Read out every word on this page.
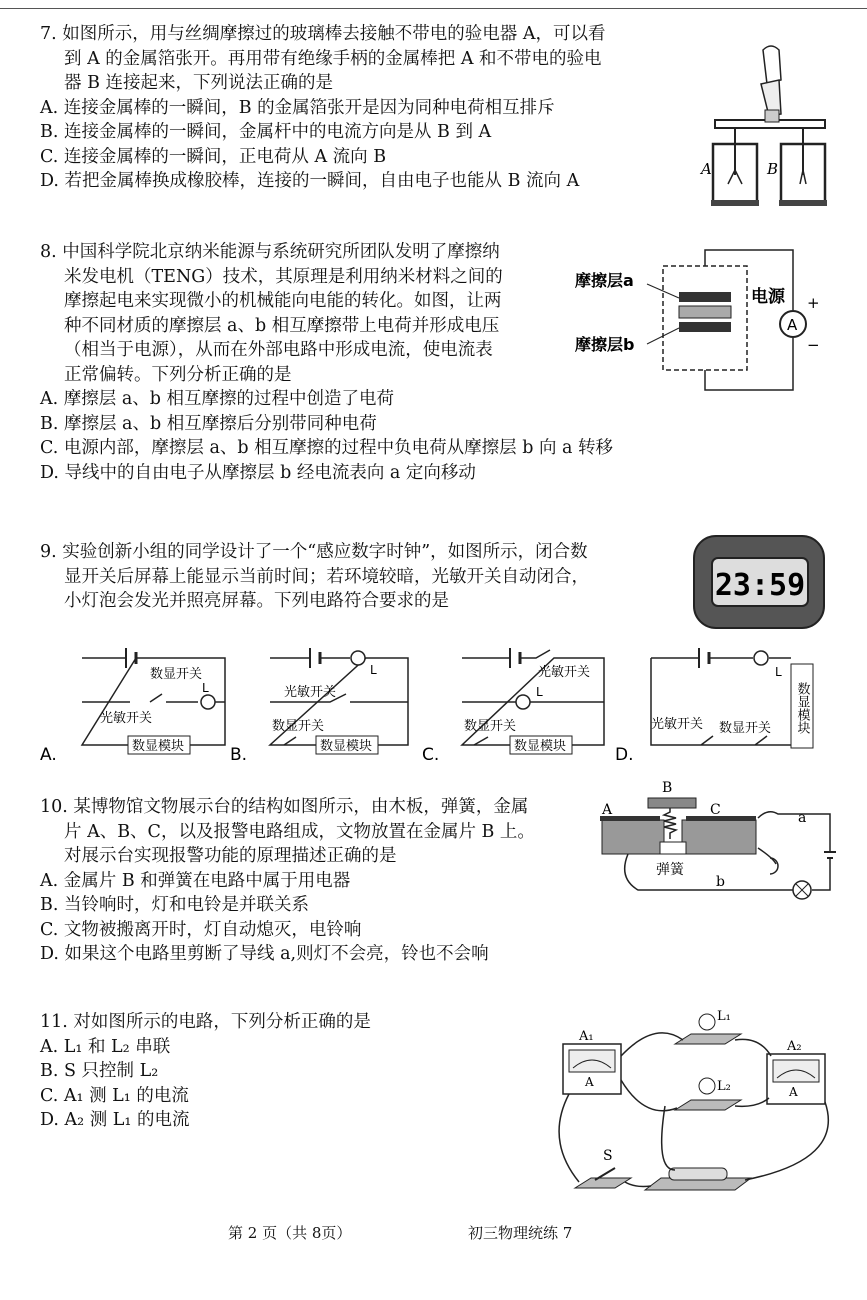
7. 如图所示，用与丝绸摩擦过的玻璃棒去接触不带电的验电器 A，可以看

到 A 的金属箔张开。再用带有绝缘手柄的金属棒把 A 和不带电的验电

器 B 连接起来，下列说法正确的是

A. 连接金属棒的一瞬间，B 的金属箔张开是因为同种电荷相互排斥

B. 连接金属棒的一瞬间，金属杆中的电流方向是从 B 到 A

C. 连接金属棒的一瞬间，正电荷从 A 流向 B

D. 若把金属棒换成橡胶棒，连接的一瞬间，自由电子也能从 B 流向 A

A	B

8. 中国科学院北京纳米能源与系统研究所团队发明了摩擦纳

米发电机（TENG）技术，其原理是利用纳米材料之间的

摩擦起电来实现微小的机械能向电能的转化。如图，让两

种不同材质的摩擦层 a、b 相互摩擦带上电荷并形成电压

（相当于电源），从而在外部电路中形成电流，使电流表

正常偏转。下列分析正确的是

A. 摩擦层 a、b 相互摩擦的过程中创造了电荷

B. 摩擦层 a、b 相互摩擦后分别带同种电荷

C. 电源内部，摩擦层 a、b 相互摩擦的过程中负电荷从摩擦层 b 向 a 转移

D. 导线中的自由电子从摩擦层 b 经电流表向 a 定向移动

A
+
−
电源
摩擦层a
摩擦层b

9. 实验创新小组的同学设计了一个“感应数字时钟”，如图所示，闭合数

显开关后屏幕上能显示当前时间；若环境较暗，光敏开关自动闭合，

小灯泡会发光并照亮屏幕。下列电路符合要求的是	23:59
A.
数显开关
光敏开关
数显模块
L
B.
光敏开关
数显开关
数显模块
L
C.
光敏开关
数显开关
数显模块
L
D.
数显模块
光敏开关 数显开关
L

10. 某博物馆文物展示台的结构如图所示，由木板，弹簧，金属

片 A、B、C，以及报警电路组成，文物放置在金属片 B 上。

对展示台实现报警功能的原理描述正确的是

A. 金属片 B 和弹簧在电路中属于用电器

B. 当铃响时，灯和电铃是并联关系

C. 文物被搬离开时，灯自动熄灭，电铃响

D. 如果这个电路里剪断了导线 a,则灯不会亮，铃也不会响

B
A	C
弹簧
a
b

11. 对如图所示的电路，下列分析正确的是

A. L₁ 和 L₂ 串联

B. S 只控制 L₂

C. A₁ 测 L₁ 的电流

D. A₂ 测 L₁ 的电流

A
A₁
A
A₂
L₁
L₂
S
第 2 页（共 8页）	初三物理统练 7
